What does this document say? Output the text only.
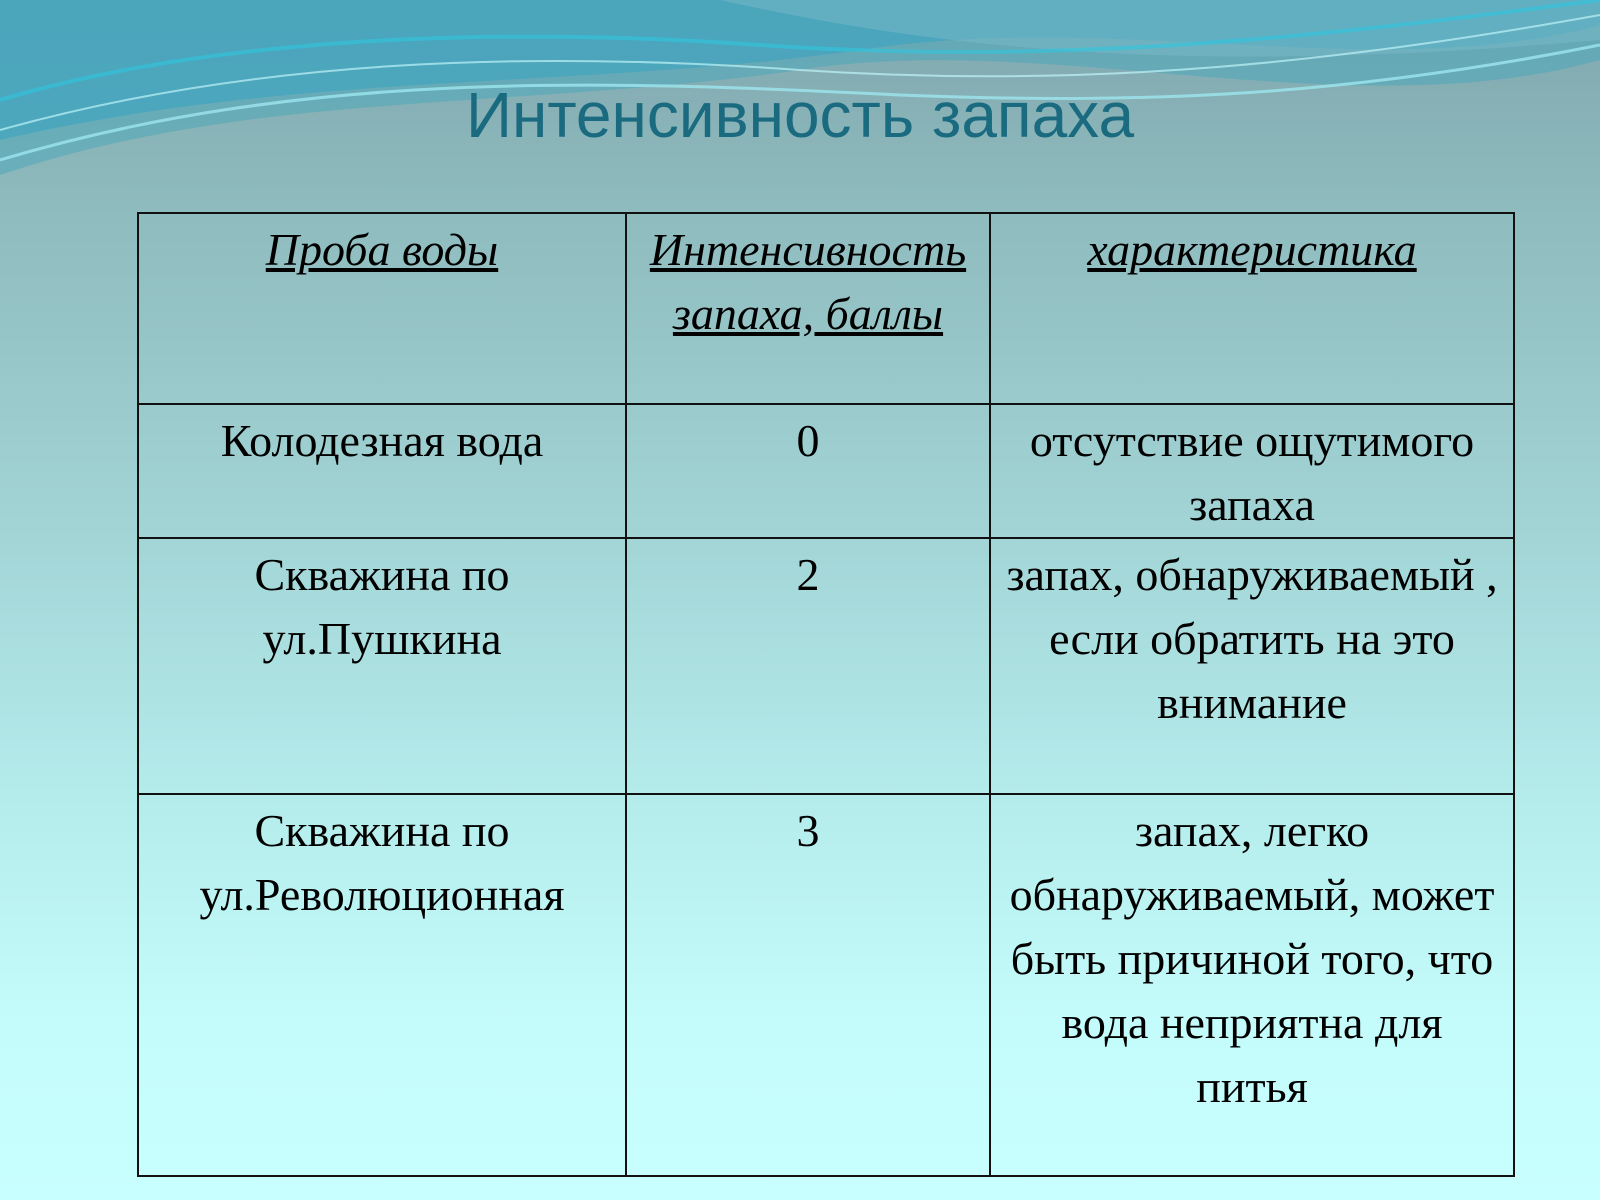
Интенсивность запаха
Проба воды	Интенсивность запаха, баллы	характеристика
Колодезная вода	0	отсутствие ощутимого запаха
Скважина по ул.Пушкина	2	запах, обнаруживаемый , если обратить на это внимание
Скважина по ул.Революционная	3	запах, легко обнаруживаемый, может быть причиной того, что вода неприятна для питья
